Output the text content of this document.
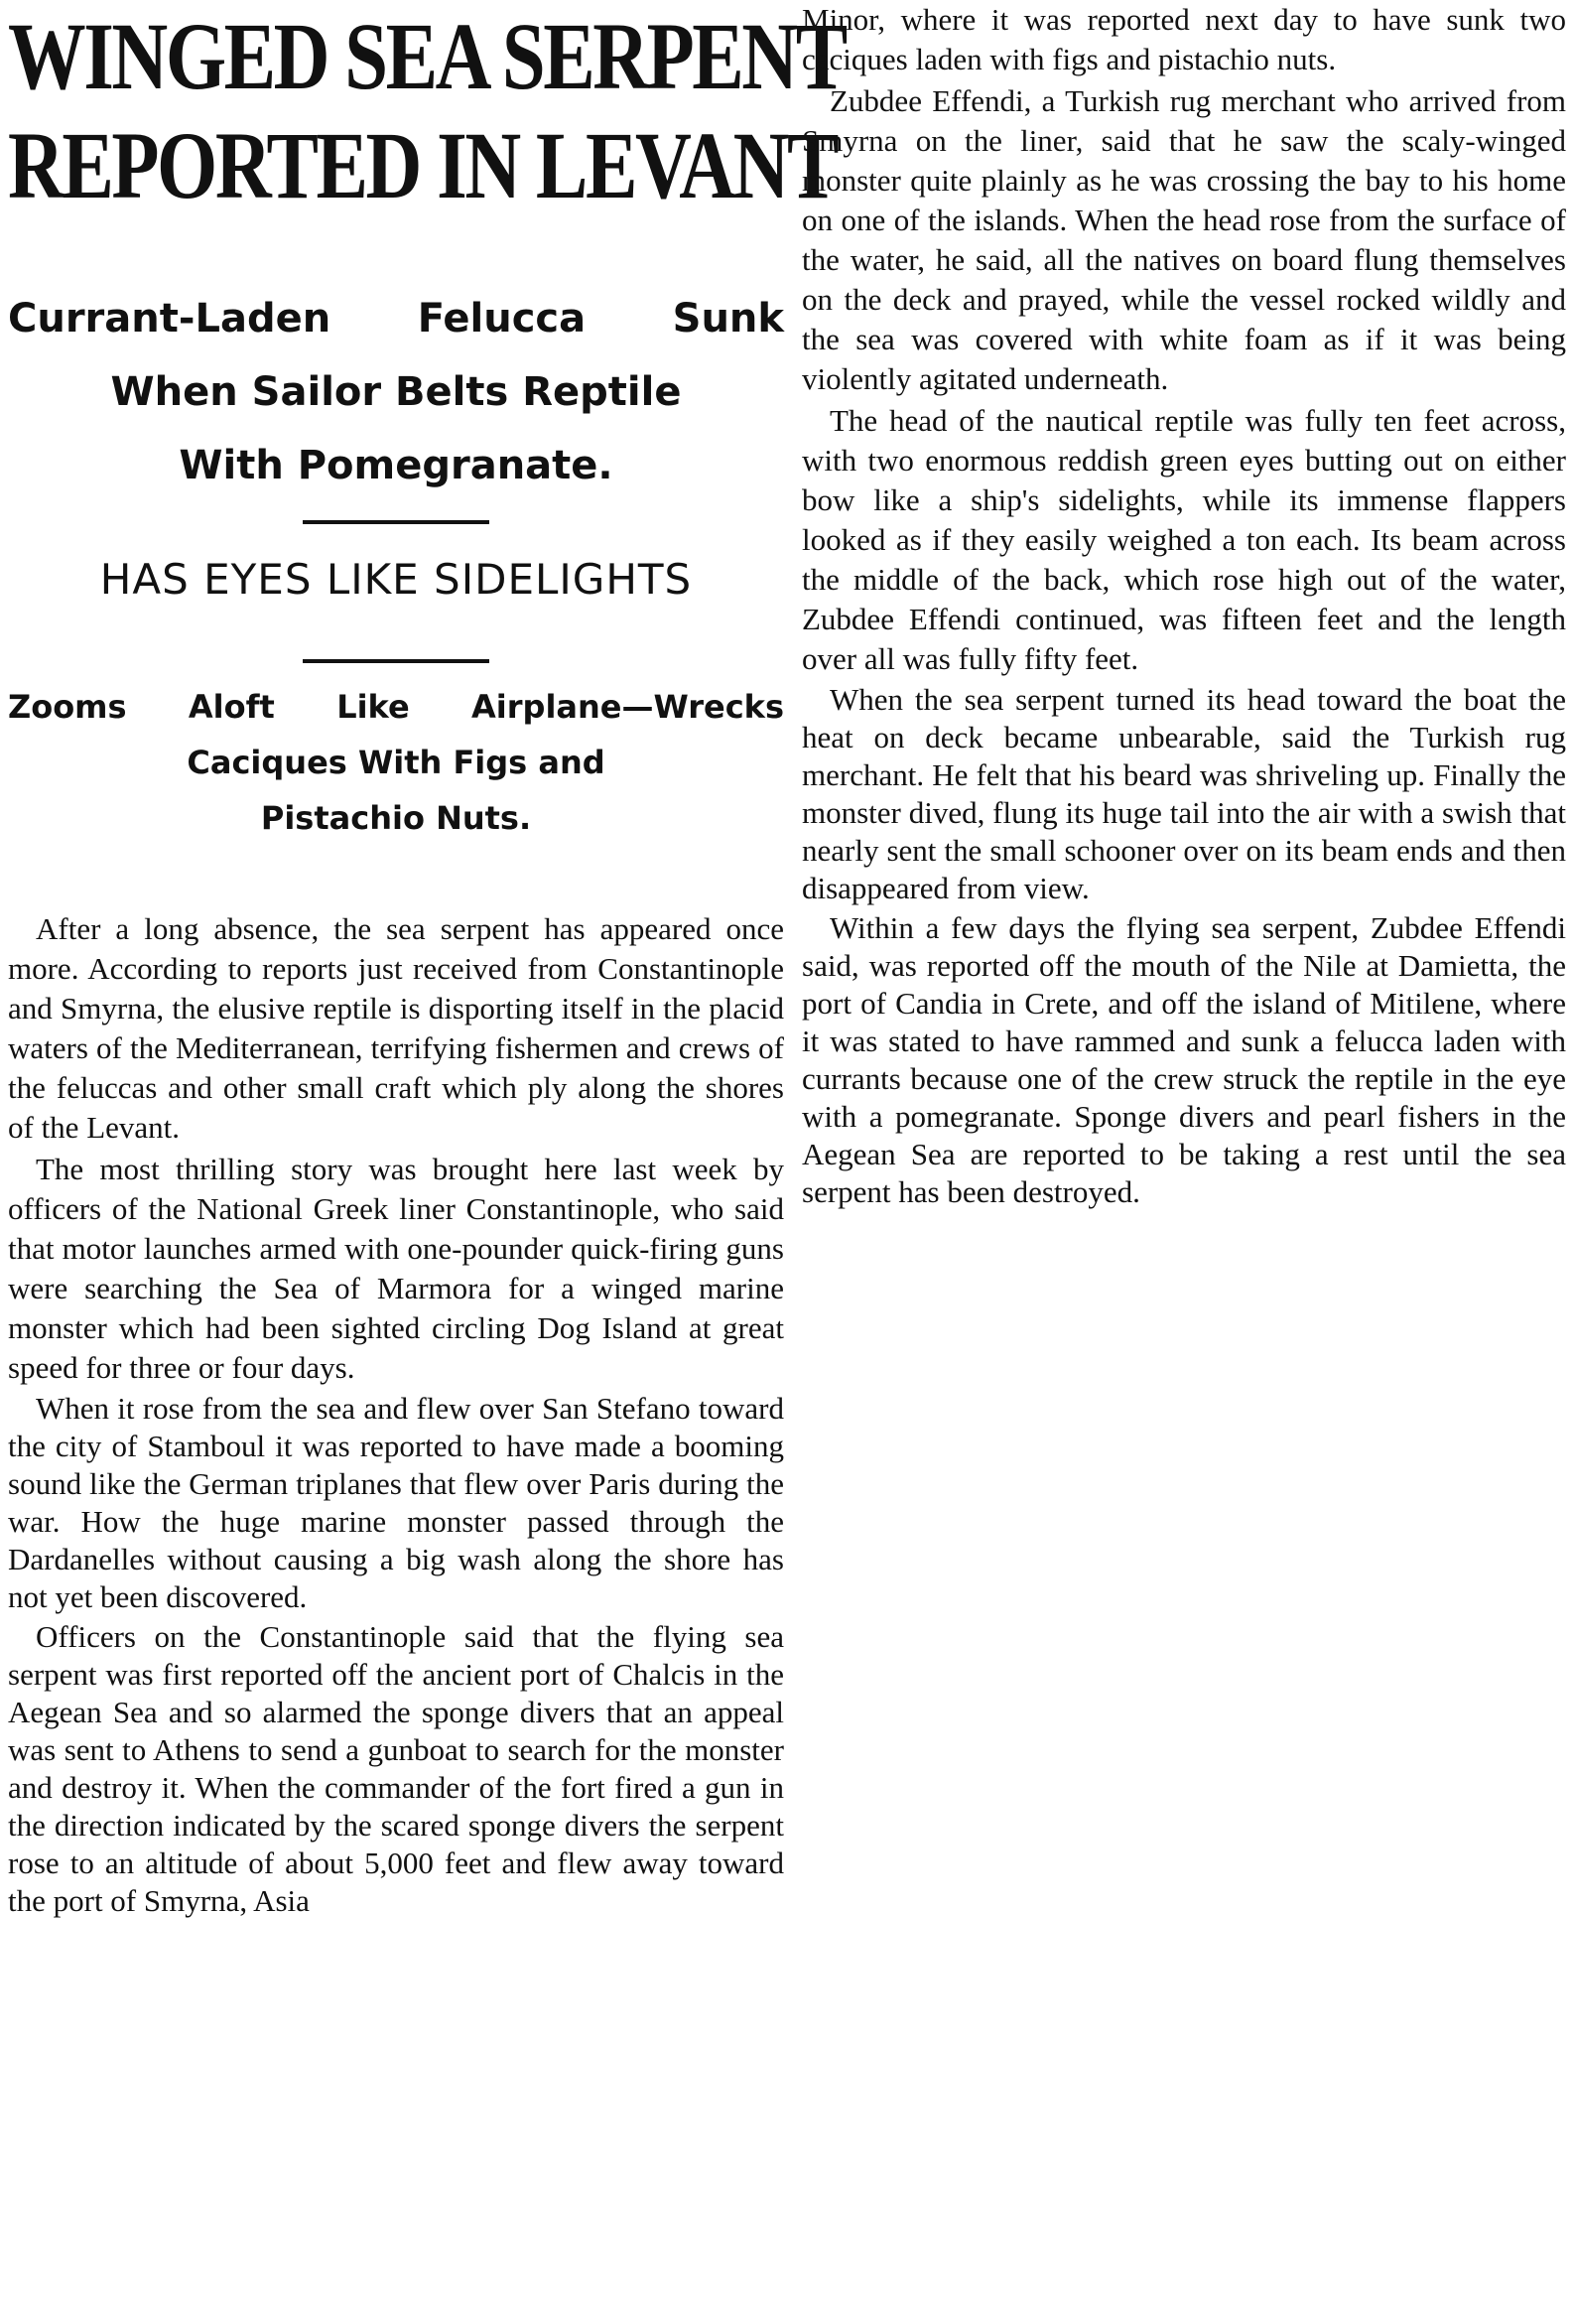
WINGED SEA SERPENT
REPORTED IN LEVANT
Currant-Laden Felucca Sunk
When Sailor Belts Reptile
With Pomegranate.
HAS EYES LIKE SIDELIGHTS
Zooms Aloft Like Airplane—Wrecks
Caciques With Figs and
Pistachio Nuts.

After a long absence, the sea serpent has appeared once more. According to reports just received from Constantinople and Smyrna, the elusive reptile is disporting itself in the placid waters of the Mediterranean, terrifying fishermen and crews of the feluccas and other small craft which ply along the shores of the Levant.

The most thrilling story was brought here last week by officers of the National Greek liner Constantinople, who said that motor launches armed with one-pounder quick-firing guns were searching the Sea of Marmora for a winged marine monster which had been sighted circling Dog Island at great speed for three or four days.

When it rose from the sea and flew over San Stefano toward the city of Stamboul it was reported to have made a booming sound like the German triplanes that flew over Paris during the war. How the huge marine monster passed through the Dardanelles without causing a big wash along the shore has not yet been discovered.

Officers on the Constantinople said that the flying sea serpent was first reported off the ancient port of Chalcis in the Aegean Sea and so alarmed the sponge divers that an appeal was sent to Athens to send a gunboat to search for the monster and destroy it. When the commander of the fort fired a gun in the direction indicated by the scared sponge divers the serpent rose to an altitude of about 5,000 feet and flew away toward the port of Smyrna, Asia

Minor, where it was reported next day to have sunk two caciques laden with figs and pistachio nuts.

Zubdee Effendi, a Turkish rug merchant who arrived from Smyrna on the liner, said that he saw the scaly-winged monster quite plainly as he was crossing the bay to his home on one of the islands. When the head rose from the surface of the water, he said, all the natives on board flung themselves on the deck and prayed, while the vessel rocked wildly and the sea was covered with white foam as if it was being violently agitated underneath.

The head of the nautical reptile was fully ten feet across, with two enormous reddish green eyes butting out on either bow like a ship's sidelights, while its immense flappers looked as if they easily weighed a ton each. Its beam across the middle of the back, which rose high out of the water, Zubdee Effendi continued, was fifteen feet and the length over all was fully fifty feet.

When the sea serpent turned its head toward the boat the heat on deck became unbearable, said the Turkish rug merchant. He felt that his beard was shriveling up. Finally the monster dived, flung its huge tail into the air with a swish that nearly sent the small schooner over on its beam ends and then disappeared from view.

Within a few days the flying sea serpent, Zubdee Effendi said, was reported off the mouth of the Nile at Damietta, the port of Candia in Crete, and off the island of Mitilene, where it was stated to have rammed and sunk a felucca laden with currants because one of the crew struck the reptile in the eye with a pomegranate. Sponge divers and pearl fishers in the Aegean Sea are reported to be taking a rest until the sea serpent has been destroyed.
